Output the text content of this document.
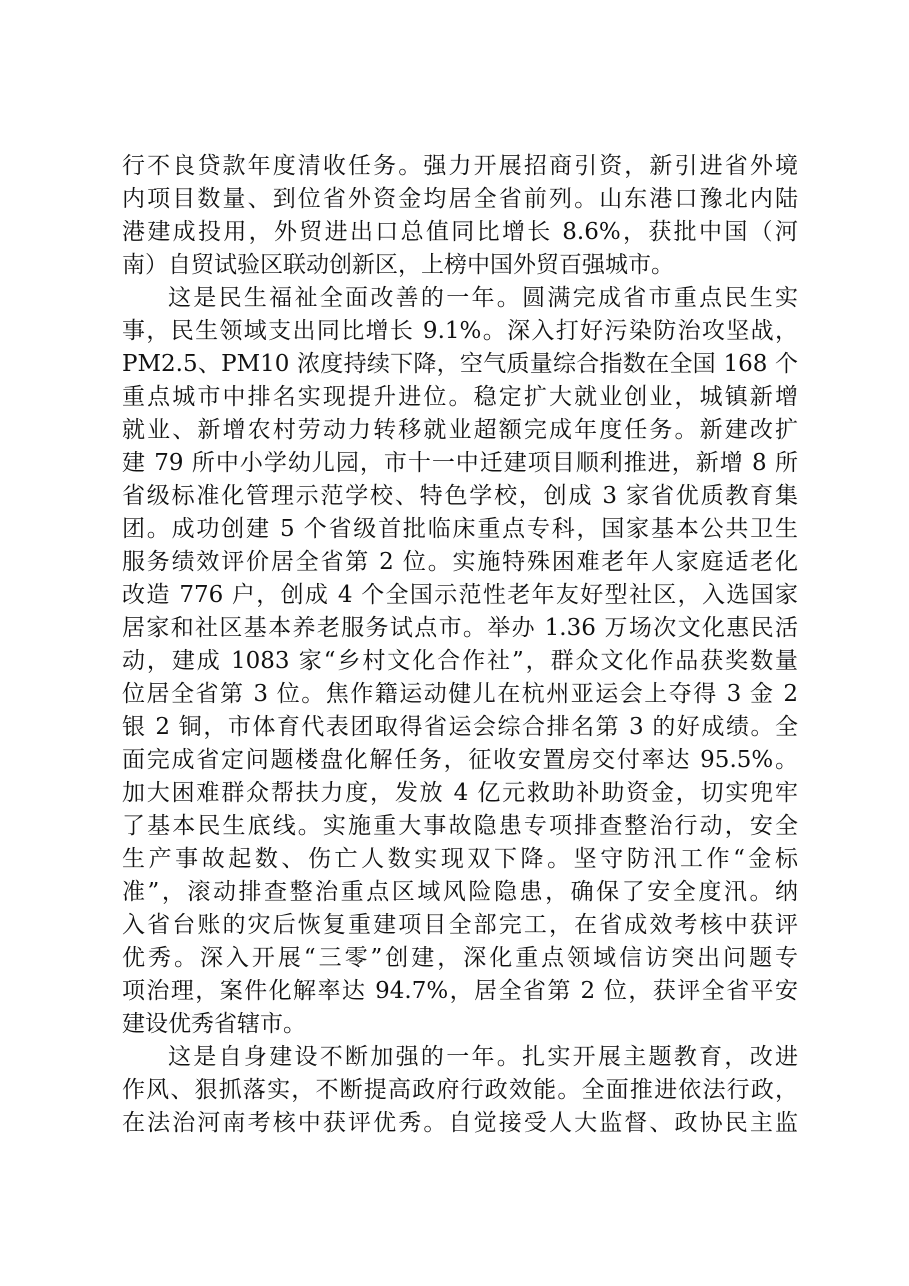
行不良贷款年度清收任务。强力开展招商引资，新引进省外境
内项目数量、到位省外资金均居全省前列。山东港口豫北内陆
港建成投用，外贸进出口总值同比增长 8.6%，获批中国（河
南）自贸试验区联动创新区，上榜中国外贸百强城市。
这是民生福祉全面改善的一年。圆满完成省市重点民生实
事，民生领域支出同比增长 9.1%。深入打好污染防治攻坚战，
PM2.5、PM10 浓度持续下降，空气质量综合指数在全国 168 个
重点城市中排名实现提升进位。稳定扩大就业创业，城镇新增
就业、新增农村劳动力转移就业超额完成年度任务。新建改扩
建 79 所中小学幼儿园，市十一中迁建项目顺利推进，新增 8 所
省级标准化管理示范学校、特色学校，创成 3 家省优质教育集
团。成功创建 5 个省级首批临床重点专科，国家基本公共卫生
服务绩效评价居全省第 2 位。实施特殊困难老年人家庭适老化
改造 776 户，创成 4 个全国示范性老年友好型社区，入选国家
居家和社区基本养老服务试点市。举办 1.36 万场次文化惠民活
动，建成 1083 家“乡村文化合作社”，群众文化作品获奖数量
位居全省第 3 位。焦作籍运动健儿在杭州亚运会上夺得 3 金 2
银 2 铜，市体育代表团取得省运会综合排名第 3 的好成绩。全
面完成省定问题楼盘化解任务，征收安置房交付率达 95.5%。
加大困难群众帮扶力度，发放 4 亿元救助补助资金，切实兜牢
了基本民生底线。实施重大事故隐患专项排查整治行动，安全
生产事故起数、伤亡人数实现双下降。坚守防汛工作“金标
准”，滚动排查整治重点区域风险隐患，确保了安全度汛。纳
入省台账的灾后恢复重建项目全部完工，在省成效考核中获评
优秀。深入开展“三零”创建，深化重点领域信访突出问题专
项治理，案件化解率达 94.7%，居全省第 2 位，获评全省平安
建设优秀省辖市。
这是自身建设不断加强的一年。扎实开展主题教育，改进
作风、狠抓落实，不断提高政府行政效能。全面推进依法行政，
在法治河南考核中获评优秀。自觉接受人大监督、政协民主监
